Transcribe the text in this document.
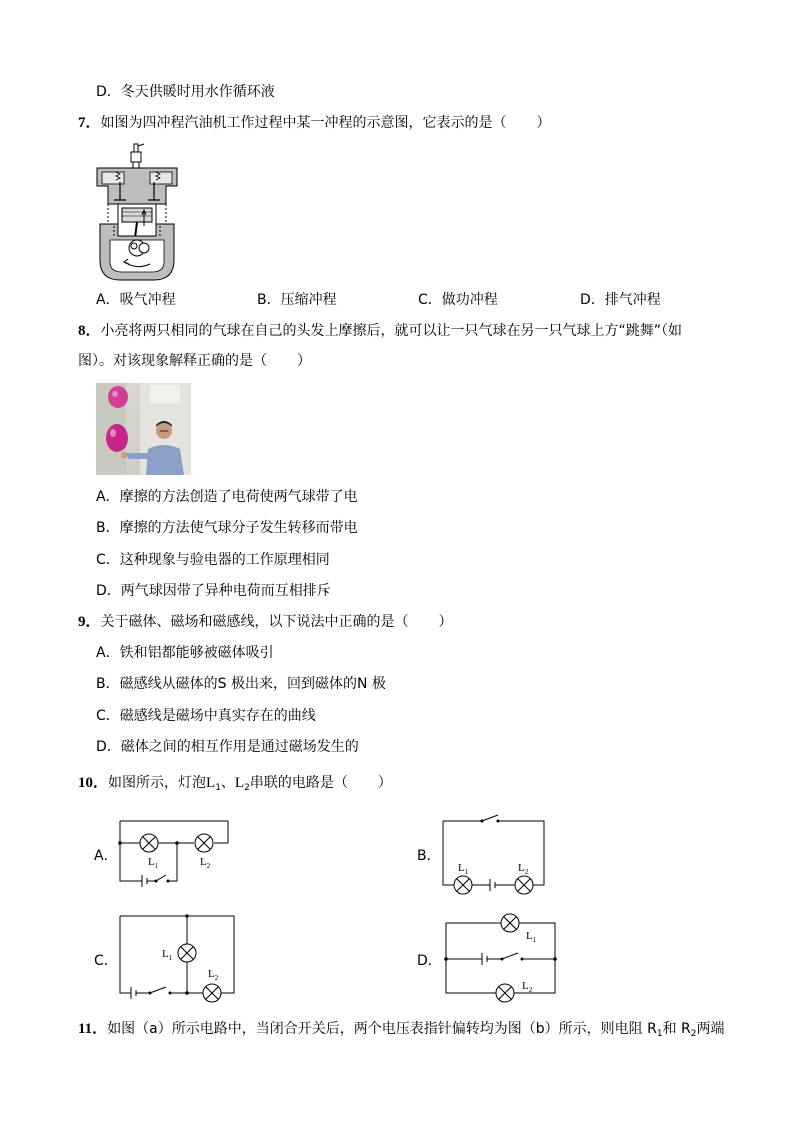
D．冬天供暖时用水作循环液
7．如图为四冲程汽油机工作过程中某一冲程的示意图，它表示的是（ ）
A．吸气冲程	B．压缩冲程	C．做功冲程	D．排气冲程
8．小亮将两只相同的气球在自己的头发上摩擦后，就可以让一只气球在另一只气球上方“跳舞”（如
图）。对该现象解释正确的是（ ）
A．摩擦的方法创造了电荷使两气球带了电
B．摩擦的方法使气球分子发生转移而带电
C．这种现象与验电器的工作原理相同
D．两气球因带了异种电荷而互相排斥
9．关于磁体、磁场和磁感线，以下说法中正确的是（ ）
A．铁和铝都能够被磁体吸引
B．磁感线从磁体的S 极出来，回到磁体的N 极
C．磁感线是磁场中真实存在的曲线
D．磁体之间的相互作用是通过磁场发生的
10．如图所示，灯泡$L_1$、$L_2$串联的电路是（ ）
A．	B．
C．	D．
$L_1$	$L_2$	$L_1$	$L_2$
$L_1$
$L_2$
$L_1$
$L_2$
11．如图（a）所示电路中，当闭合开关后，两个电压表指针偏转均为图（b）所示，则电阻 $R_1$和 $R_2$两端
